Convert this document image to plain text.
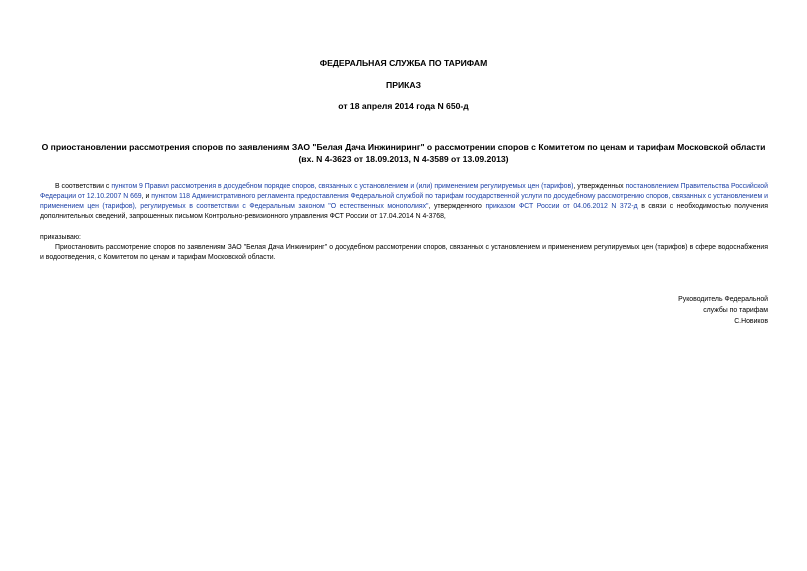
ФЕДЕРАЛЬНАЯ СЛУЖБА ПО ТАРИФАМ
ПРИКАЗ
от 18 апреля 2014 года N 650-д
О приостановлении рассмотрения споров по заявлениям ЗАО "Белая Дача Инжиниринг" о рассмотрении споров с Комитетом по ценам и тарифам Московской области (вх. N 4-3623 от 18.09.2013, N 4-3589 от 13.09.2013)
В соответствии с пунктом 9 Правил рассмотрения в досудебном порядке споров, связанных с установлением и (или) применением регулируемых цен (тарифов), утвержденных постановлением Правительства Российской Федерации от 12.10.2007 N 669, и пунктом 118 Административного регламента предоставления Федеральной службой по тарифам государственной услуги по досудебному рассмотрению споров, связанных с установлением и применением цен (тарифов), регулируемых в соответствии с Федеральным законом "О естественных монополиях", утвержденного приказом ФСТ России от 04.06.2012 N 372-д в связи с необходимостью получения дополнительных сведений, запрошенных письмом Контрольно-ревизионного управления ФСТ России от 17.04.2014 N 4-3768,
приказываю:
Приостановить рассмотрение споров по заявлениям ЗАО "Белая Дача Инжиниринг" о досудебном рассмотрении споров, связанных с установлением и применением регулируемых цен (тарифов) в сфере водоснабжения и водоотведения, с Комитетом по ценам и тарифам Московской области.
Руководитель Федеральной
службы по тарифам
С.Новиков
